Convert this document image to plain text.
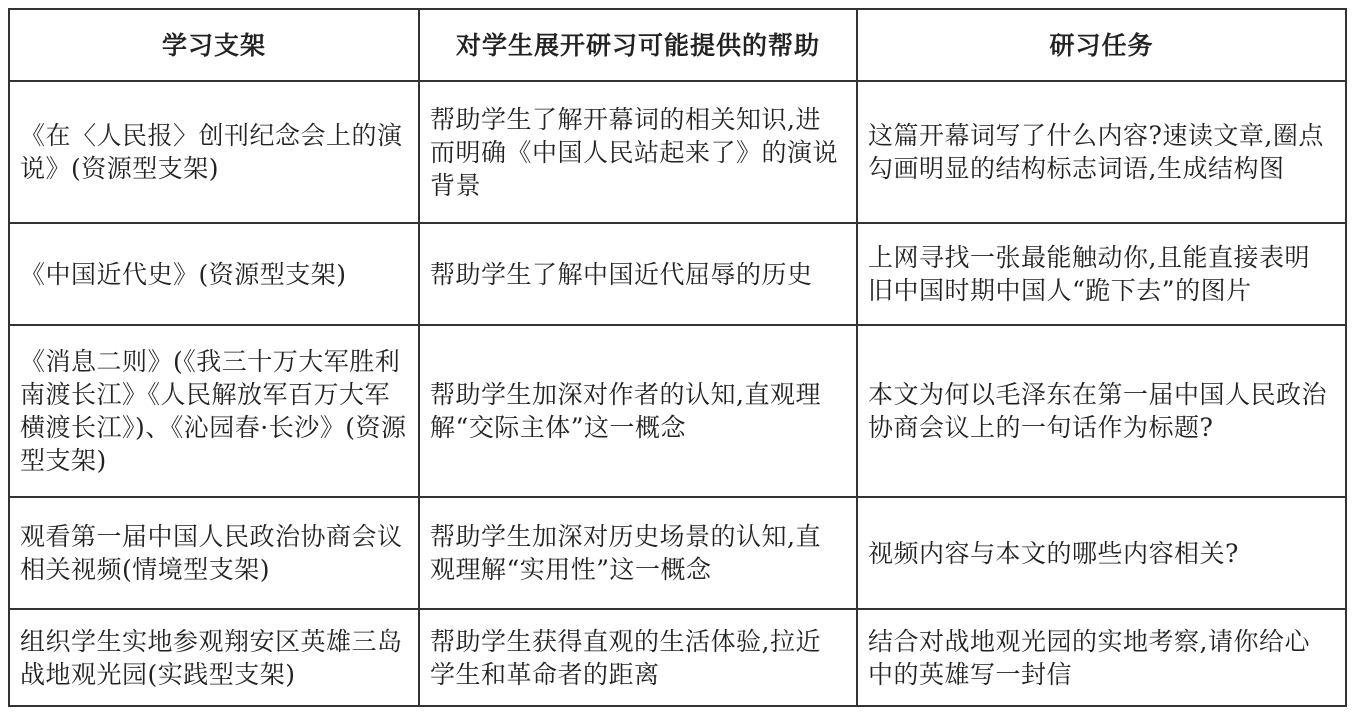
学习支架	对学生展开研习可能提供的帮助	研习任务
《在〈人民报〉创刊纪念会上的演说》(资源型支架)	帮助学生了解开幕词的相关知识,进而明确《中国人民站起来了》的演说背景	这篇开幕词写了什么内容?速读文章,圈点勾画明显的结构标志词语,生成结构图
《中国近代史》(资源型支架)	帮助学生了解中国近代屈辱的历史	上网寻找一张最能触动你,且能直接表明旧中国时期中国人“跪下去”的图片
《消息二则》(《我三十万大军胜利南渡长江》《人民解放军百万大军横渡长江》)、《沁园春·长沙》(资源型支架)	帮助学生加深对作者的认知,直观理解“交际主体”这一概念	本文为何以毛泽东在第一届中国人民政治协商会议上的一句话作为标题?
观看第一届中国人民政治协商会议相关视频(情境型支架)	帮助学生加深对历史场景的认知,直观理解“实用性”这一概念	视频内容与本文的哪些内容相关?
组织学生实地参观翔安区英雄三岛战地观光园(实践型支架)	帮助学生获得直观的生活体验,拉近学生和革命者的距离	结合对战地观光园的实地考察,请你给心中的英雄写一封信
